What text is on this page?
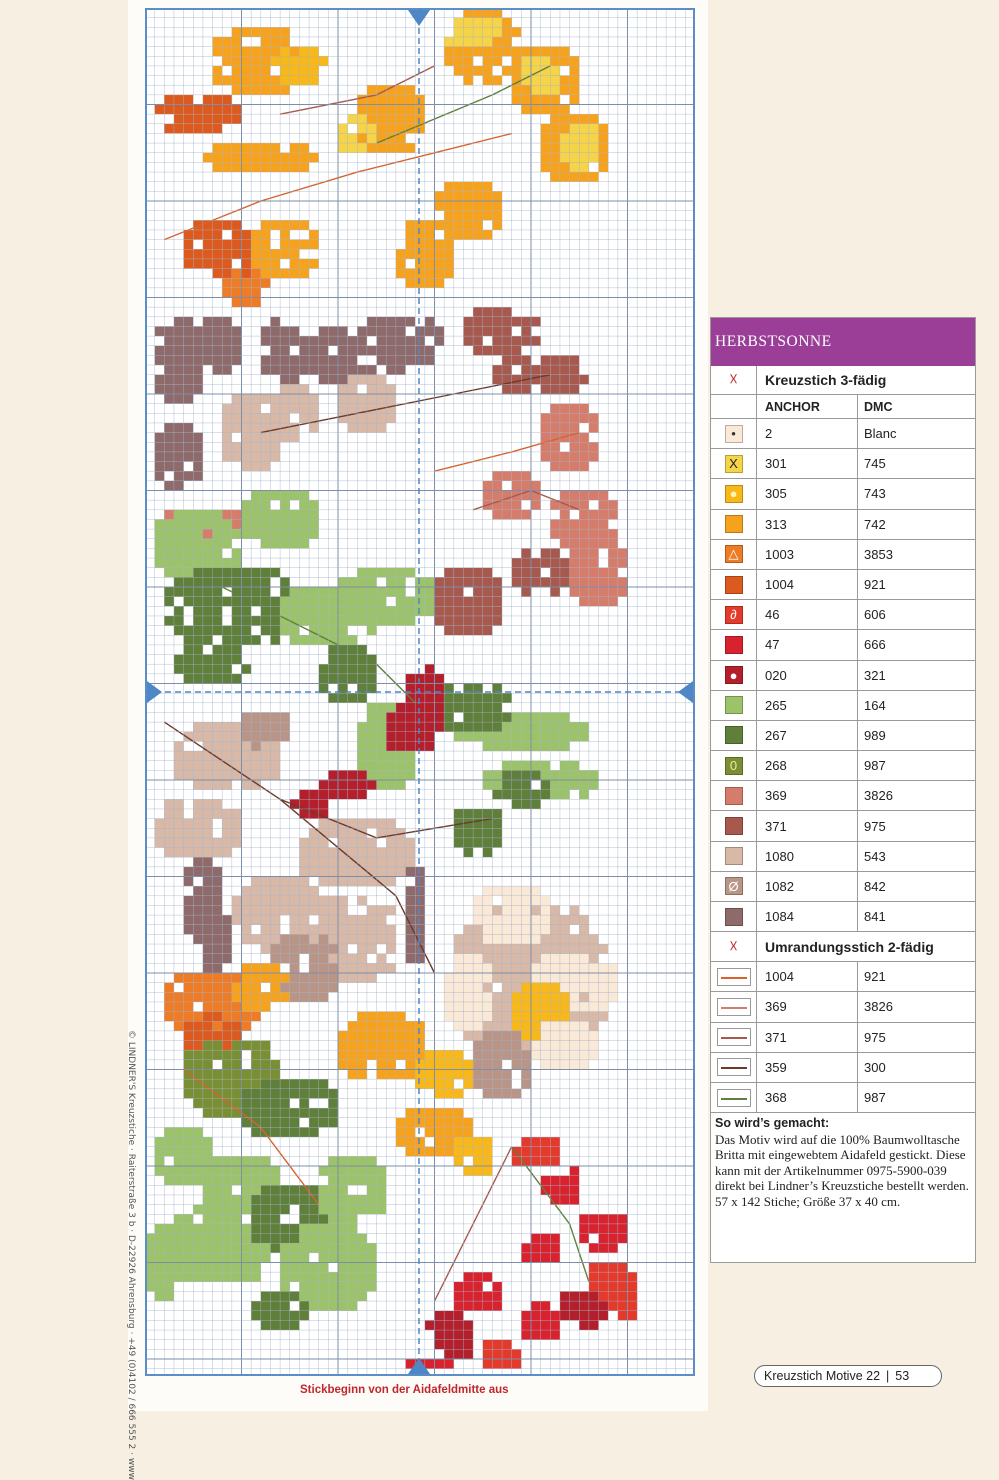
© LINDNER'S Kreuzstiche · Raiterstraße 3 b · D-22926 Ahrensburg · +49 (0)4102 / 666 555 2 · www	Stickbeginn von der Aidafeldmitte aus
HERBSTSONNE
☓ Kreuzstich 3-fädig
ANCHOR	DMC
•	2	Blanc
X	301	745
●	305	743
313	742
△	1003	3853
1004	921
∂	46	606
47	666
●	020	321
265	164
267	989
0	268	987
369	3826
371	975
1080	543
Ø	1082	842
1084	841
☓ Umrandungsstich 2-fädig
1004	921
369	3826
371	975
359	300
368	987
So wird’s gemacht:
Das Motiv wird auf die 100% Baumwolltasche Britta mit eingewebtem Aidafeld gestickt. Diese kann mit der Artikelnummer 0975-5900-039 direkt bei Lindner’s Kreuzstiche bestellt werden.
57 x 142 Stiche; Größe 37 x 40 cm.
Kreuzstich Motive 22 | 53
